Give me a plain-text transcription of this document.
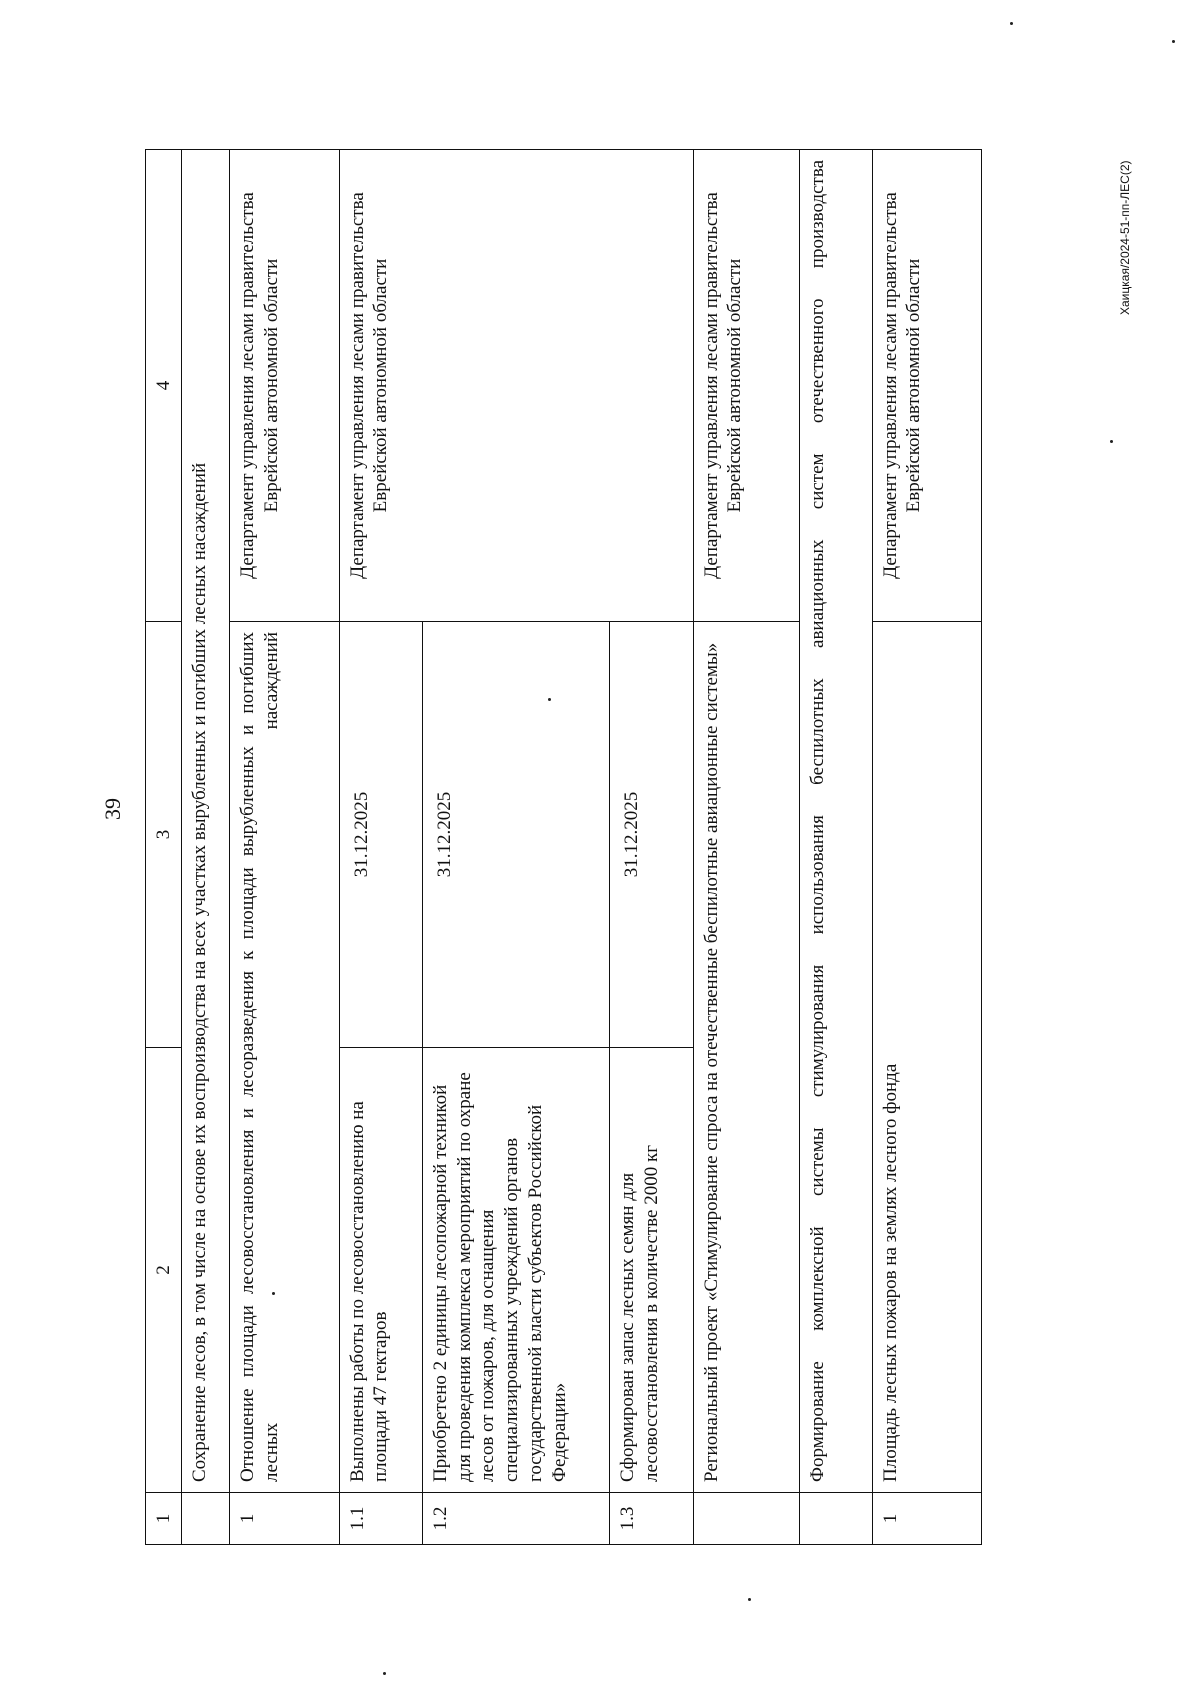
39
Хаицкая/2024-51-пп-ЛЕС(2)
1	2	3	4
	Сохранение лесов, в том числе на основе их воспроизводства на всех участках вырубленных и погибших лесных насаждений		
1	Отношение площади лесовосстановления и лесоразведения к площади вырубленных и погибших лесных насаждений		Департамент управления лесами правительства Еврейской автономной области
1.1	Выполнены работы по лесовосстановлению на площади 47 гектаров	31.12.2025	Департамент управления лесами правительства Еврейской автономной области
1.2	Приобретено 2 единицы лесопожарной техникой для проведения комплекса мероприятий по охране лесов от пожаров, для оснащения специализированных учреждений органов государственной власти субъектов Российской Федерации»	31.12.2025	
1.3	Сформирован запас лесных семян для лесовосстановления в количестве 2000 кг	31.12.2025	
	Региональный проект «Стимулирование спроса на отечественные беспилотные авиационные системы»		Департамент управления лесами правительства Еврейской автономной области
	Формирование комплексной системы стимулирования использования беспилотных авиационных систем отечественного производства		
1	Площадь лесных пожаров на землях лесного фонда		Департамент управления лесами правительства Еврейской автономной области
